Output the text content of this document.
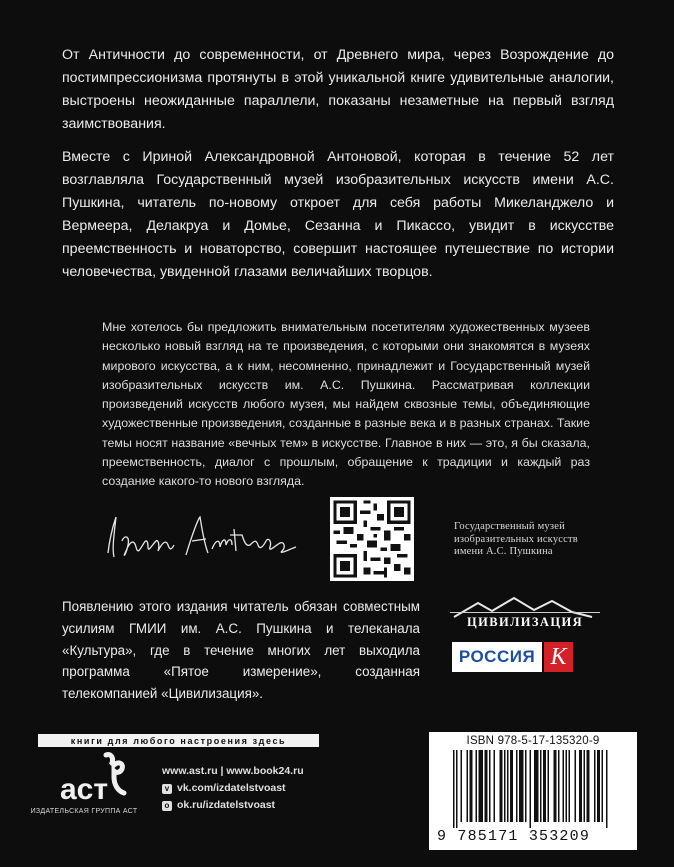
От Античности до современности, от Древнего мира, через Возрождение до постимпрессионизма протянуты в этой уникальной книге удивительные аналогии, выстроены неожиданные параллели, показаны незаметные на первый взгляд заимствования.

Вместе с Ириной Александровной Антоновой, которая в течение 52 лет возглавляла Государственный музей изобразительных искусств имени А.С. Пушкина, читатель по-новому откроет для себя работы Микеланджело и Вермеера, Делакруа и Домье, Сезанна и Пикассо, увидит в искусстве преемственность и новаторство, совершит настоящее путешествие по истории человечества, увиденной глазами величайших творцов.

Мне хотелось бы предложить внимательным посетителям художественных музеев несколько новый взгляд на те произведения, с которыми они знакомятся в музеях мирового искусства, а к ним, несомненно, принадлежит и Государственный музей изобразительных искусств им. А.С. Пушкина. Рассматривая коллекции произведений искусств любого музея, мы найдем сквозные темы, объединяющие художественные произведения, созданные в разные века и в разных странах. Такие темы носят название «вечных тем» в искусстве. Главное в них — это, я бы сказала, преемственность, диалог с прошлым, обращение к традиции и каждый раз создание какого-то нового взгляда.

Государственный музей
изобразительных искусств
имени А.С. Пушкина

Появлению этого издания читатель обязан совместным усилиям ГМИИ им. А.С. Пушкина и телеканала «Культура», где в течение многих лет выходила программа «Пятое измерение», созданная телекомпанией «Цивилизация».

ЦИВИЛИЗАЦИЯ
РОССИЯ K
книги для любого настроения здесь
аст
ИЗДАТЕЛЬСКАЯ ГРУППА АСТ
www.ast.ru | www.book24.ru
v vk.com/izdatelstvoast
o ok.ru/izdatelstvoast
ISBN 978-5-17-135320-9
9 785171 353209
